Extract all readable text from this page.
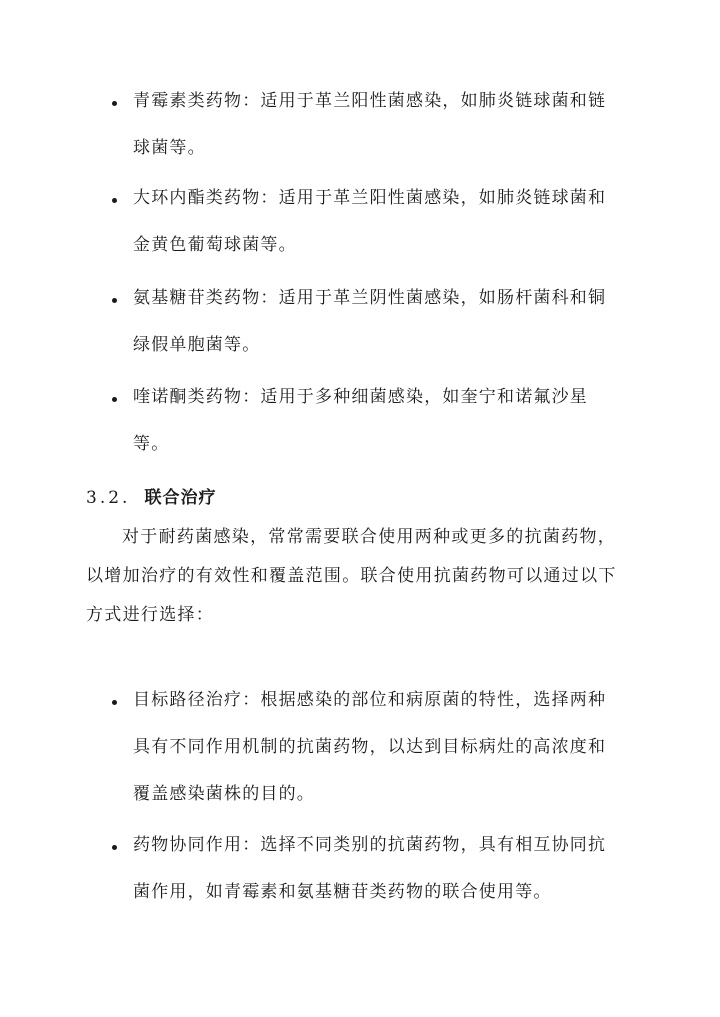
青霉素类药物：适用于革兰阳性菌感染，如肺炎链球菌和链球菌等。

大环内酯类药物：适用于革兰阳性菌感染，如肺炎链球菌和金黄色葡萄球菌等。

氨基糖苷类药物：适用于革兰阴性菌感染，如肠杆菌科和铜绿假单胞菌等。

喹诺酮类药物：适用于多种细菌感染，如奎宁和诺氟沙星等。

3.2. 联合治疗

对于耐药菌感染，常常需要联合使用两种或更多的抗菌药物，以增加治疗的有效性和覆盖范围。联合使用抗菌药物可以通过以下方式进行选择：

目标路径治疗：根据感染的部位和病原菌的特性，选择两种具有不同作用机制的抗菌药物，以达到目标病灶的高浓度和覆盖感染菌株的目的。

药物协同作用：选择不同类别的抗菌药物，具有相互协同抗菌作用，如青霉素和氨基糖苷类药物的联合使用等。
